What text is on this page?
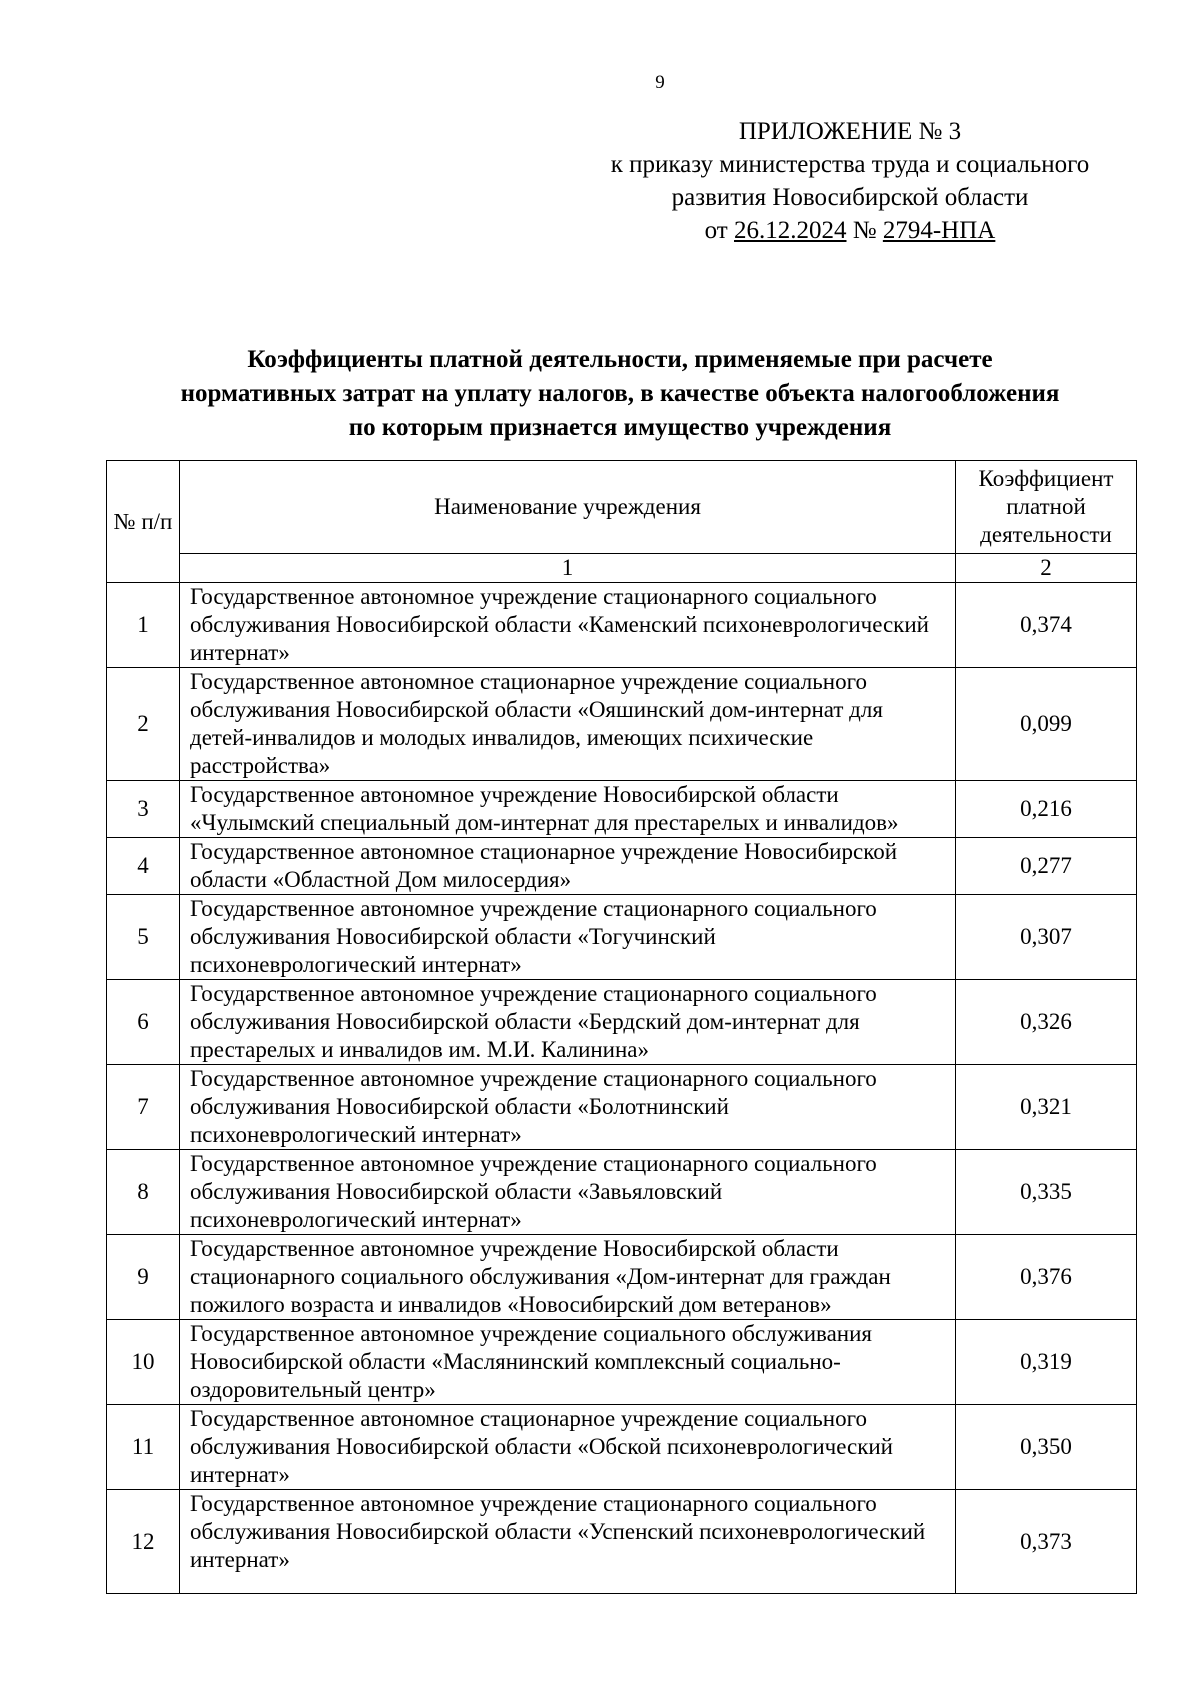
9
ПРИЛОЖЕНИЕ № 3
к приказу министерства труда и социального
развития Новосибирской области
от 26.12.2024 № 2794-НПА
Коэффициенты платной деятельности, применяемые при расчете
нормативных затрат на уплату налогов, в качестве объекта налогообложения
по которым признается имущество учреждения
№ п/п	Наименование учреждения	Коэффициент платной деятельности
	1	2
1	Государственное автономное учреждение стационарного социального обслуживания Новосибирской области «Каменский психоневрологический интернат»	0,374
2	Государственное автономное стационарное учреждение социального обслуживания Новосибирской области «Ояшинский дом-интернат для детей-инвалидов и молодых инвалидов, имеющих психические расстройства»	0,099
3	Государственное автономное учреждение Новосибирской области «Чулымский специальный дом-интернат для престарелых и инвалидов»	0,216
4	Государственное автономное стационарное учреждение Новосибирской области «Областной Дом милосердия»	0,277
5	Государственное автономное учреждение стационарного социального обслуживания Новосибирской области «Тогучинский психоневрологический интернат»	0,307
6	Государственное автономное учреждение стационарного социального обслуживания Новосибирской области «Бердский дом-интернат для престарелых и инвалидов им. М.И. Калинина»	0,326
7	Государственное автономное учреждение стационарного социального обслуживания Новосибирской области «Болотнинский психоневрологический интернат»	0,321
8	Государственное автономное учреждение стационарного социального обслуживания Новосибирской области «Завьяловский психоневрологический интернат»	0,335
9	Государственное автономное учреждение Новосибирской области стационарного социального обслуживания «Дом-интернат для граждан пожилого возраста и инвалидов «Новосибирский дом ветеранов»	0,376
10	Государственное автономное учреждение социального обслуживания Новосибирской области «Маслянинский комплексный социально-оздоровительный центр»	0,319
11	Государственное автономное стационарное учреждение социального обслуживания Новосибирской области «Обской психоневрологический интернат»	0,350
12	Государственное автономное учреждение стационарного социального обслуживания Новосибирской области «Успенский психоневрологический интернат»	0,373
